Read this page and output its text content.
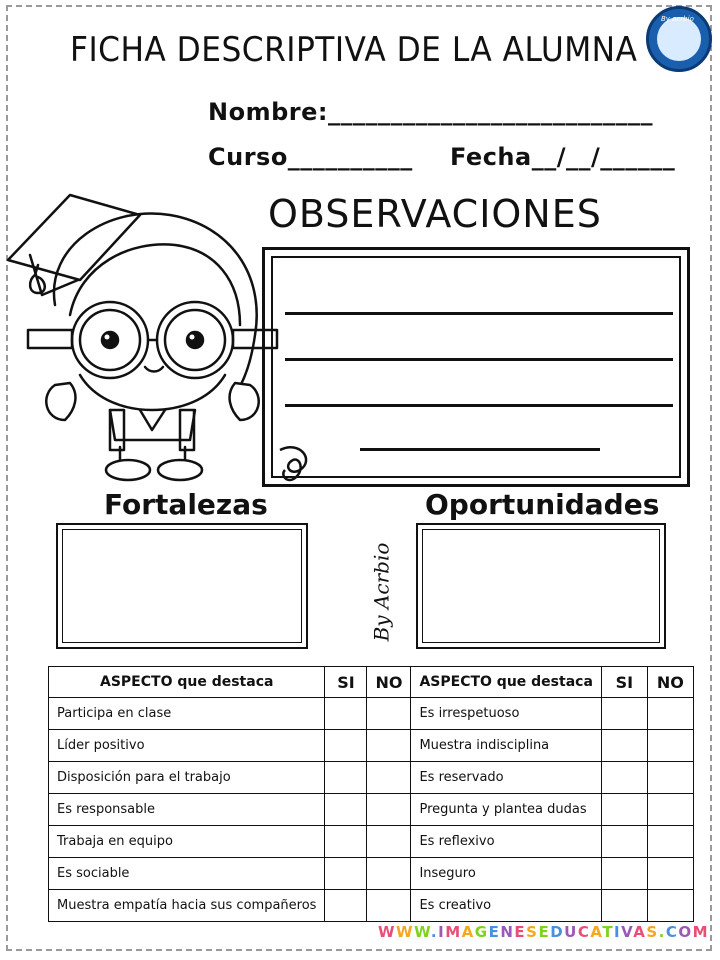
FICHA DESCRIPTIVA DE LA ALUMNA
By acrbio
Nombre:__________________________
Curso__________ Fecha__/__/______
OBSERVACIONES
Fortalezas	Oportunidades
By Acrbio
ASPECTO que destaca	SI	NO	ASPECTO que destaca	SI	NO
Participa en clase			Es irrespetuoso		
Líder positivo			Muestra indisciplina		
Disposición para el trabajo			Es reservado		
Es responsable			Pregunta y plantea dudas		
Trabaja en equipo			Es reflexivo		
Es sociable			Inseguro		
Muestra empatía hacia sus compañeros			Es creativo		
WWW.IMAGENESEDUCATIVAS.COM
